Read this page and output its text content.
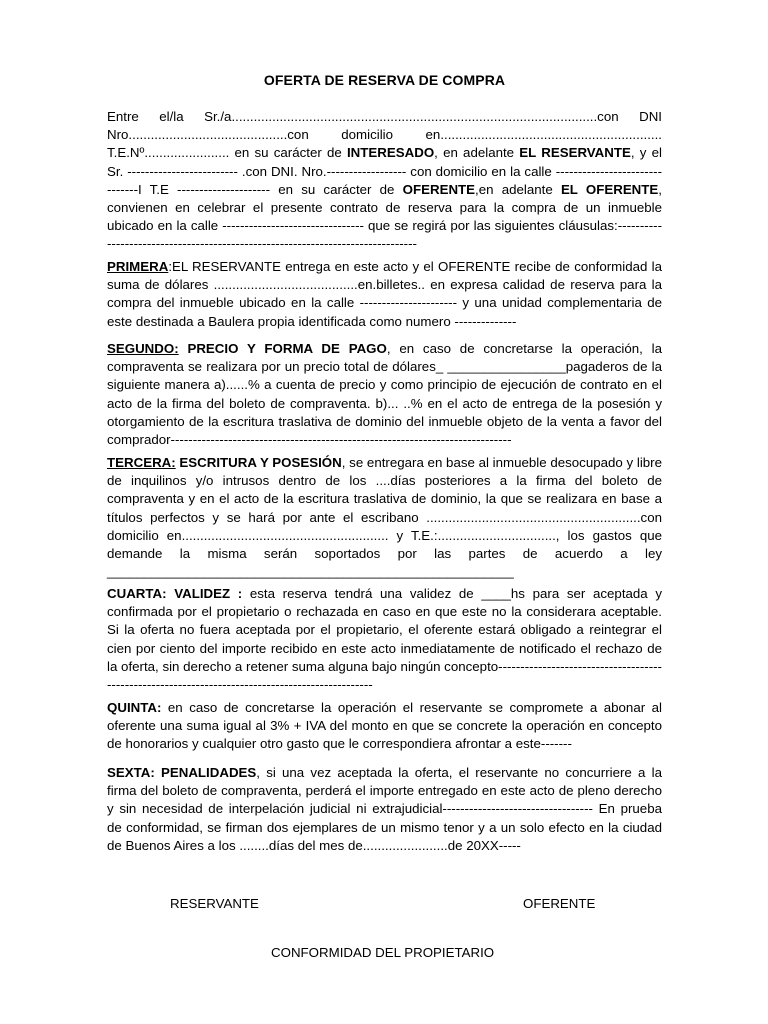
OFERTA DE RESERVA DE COMPRA
Entre el/la Sr./a...................................................................................................con DNI Nro...........................................con domicilio en............................................................ T.E.Nº....................... en su carácter de INTERESADO, en adelante EL RESERVANTE, y el Sr. ------------------------- .con DNI. Nro.------------------ con domicilio en la calle -------------------------------I T.E --------------------- en su carácter de OFERENTE,en adelante EL OFERENTE, convienen en celebrar el presente contrato de reserva para la compra de un inmueble ubicado en la calle -------------------------------- que se regirá por las siguientes cláusulas:--------------------------------------------------------------------------------
PRIMERA:EL RESERVANTE entrega en este acto y el OFERENTE recibe de conformidad la suma de dólares .......................................en.billetes.. en expresa calidad de reserva para la compra del inmueble ubicado en la calle ---------------------- y una unidad complementaria de este destinada a Baulera propia identificada como numero --------------
SEGUNDO: PRECIO Y FORMA DE PAGO, en caso de concretarse la operación, la compraventa se realizara por un precio total de dólares_ ________________pagaderos de la siguiente manera a)......% a cuenta de precio y como principio de ejecución de contrato en el acto de la firma del boleto de compraventa. b)... ..% en el acto de entrega de la posesión y otorgamiento de la escritura traslativa de dominio del inmueble objeto de la venta a favor del comprador-----------------------------------------------------------------------------
TERCERA: ESCRITURA Y POSESIÓN, se entregara en base al inmueble desocupado y libre de inquilinos y/o intrusos dentro de los ....días posteriores a la firma del boleto de compraventa y en el acto de la escritura traslativa de dominio, la que se realizara en base a títulos perfectos y se hará por ante el escribano ..........................................................con domicilio en........................................................ y T.E.:................................, los gastos que demande la misma serán soportados por las partes de acuerdo a ley _______________________________________________________
CUARTA: VALIDEZ : esta reserva tendrá una validez de ____hs para ser aceptada y confirmada por el propietario o rechazada en caso en que este no la considerara aceptable. Si la oferta no fuera aceptada por el propietario, el oferente estará obligado a reintegrar el cien por ciento del importe recibido en este acto inmediatamente de notificado el rechazo de la oferta, sin derecho a retener suma alguna bajo ningún concepto-------------------------------------------------------------------------------------------------
QUINTA: en caso de concretarse la operación el reservante se compromete a abonar al oferente una suma igual al 3% + IVA del monto en que se concrete la operación en concepto de honorarios y cualquier otro gasto que le correspondiera afrontar a este-------
SEXTA: PENALIDADES, si una vez aceptada la oferta, el reservante no concurriere a la firma del boleto de compraventa, perderá el importe entregado en este acto de pleno derecho y sin necesidad de interpelación judicial ni extrajudicial---------------------------------- En prueba de conformidad, se firman dos ejemplares de un mismo tenor y a un solo efecto en la ciudad de Buenos Aires a los ........días del mes de.......................de 20XX-----
RESERVANTE	OFERENTE
CONFORMIDAD DEL PROPIETARIO
